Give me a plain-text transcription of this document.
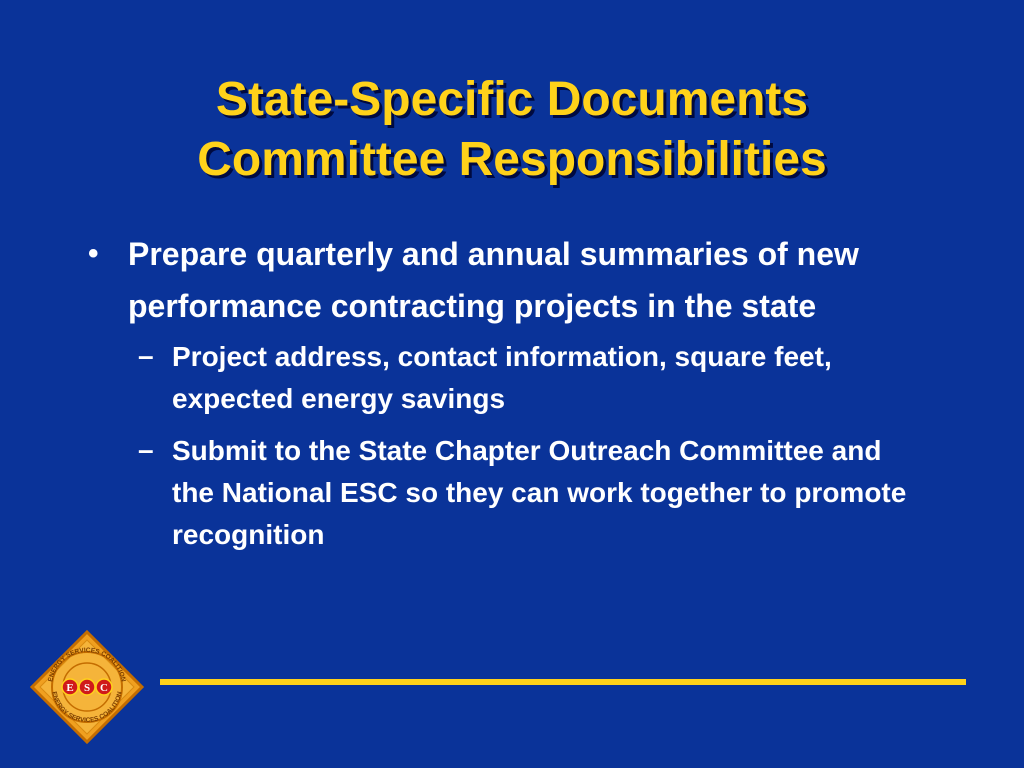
State-Specific Documents
Committee Responsibilities
• Prepare quarterly and annual summaries of new performance contracting projects in the state
– Project address, contact information, square feet, expected energy savings
– Submit to the State Chapter Outreach Committee and the National ESC so they can work together to promote recognition
ENERGY SERVICES COALITION
ENERGY SERVICES COALITION
E S C
